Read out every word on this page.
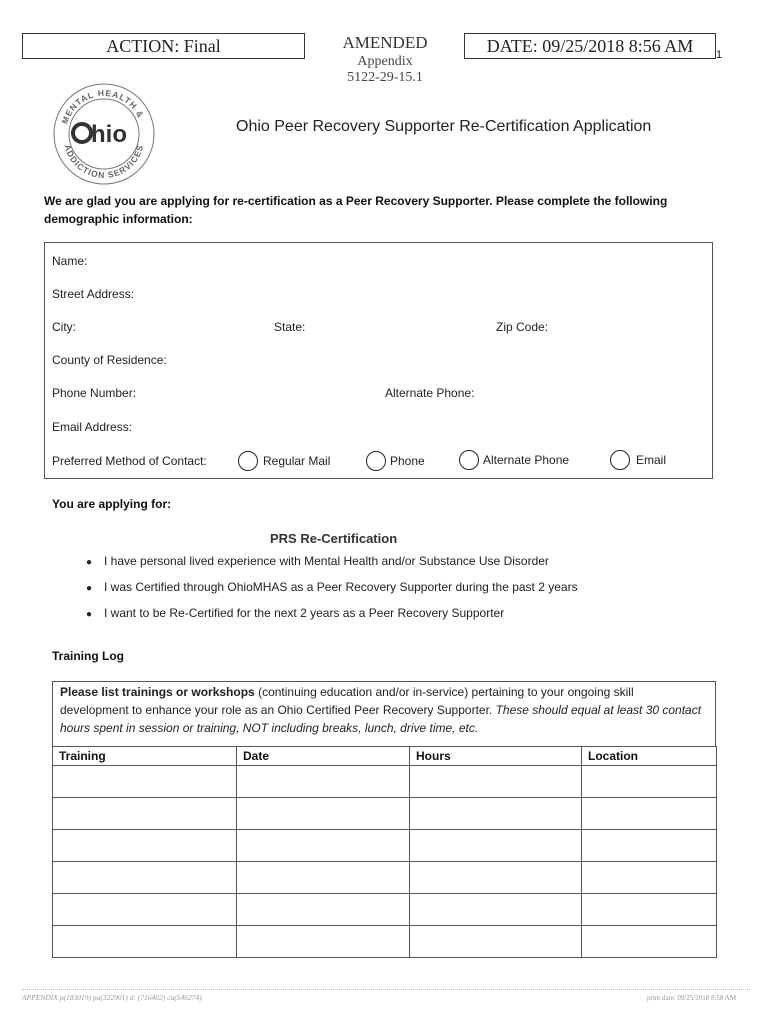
ACTION: Final	AMENDED
Appendix
5122-29-15.1
DATE: 09/25/2018 8:56 AM	1
MENTAL HEALTH &
ADDICTION SERVICES
hio	Ohio Peer Recovery Supporter Re-Certification Application
We are glad you are applying for re-certification as a Peer Recovery Supporter. Please complete the following demographic information:
Name:
Street Address:
City:	State:	Zip Code:
County of Residence:
Phone Number:	Alternate Phone:
Email Address:
Preferred Method of Contact:	Regular Mail	Phone	Alternate Phone	Email
You are applying for:
PRS Re-Certification
● I have personal lived experience with Mental Health and/or Substance Use Disorder
● I was Certified through OhioMHAS as a Peer Recovery Supporter during the past 2 years
● I want to be Re-Certified for the next 2 years as a Peer Recovery Supporter
Training Log
Please list trainings or workshops (continuing education and/or in-service) pertaining to your ongoing skill development to enhance your role as an Ohio Certified Peer Recovery Supporter. These should equal at least 30 contact hours spent in session or training, NOT including breaks, lunch, drive time, etc.
Training	Date	Hours	Location

APPENDIX p(183019) pa(322901) d: (716402) ca(546274)	print date: 09/25/2018 8:58 AM
